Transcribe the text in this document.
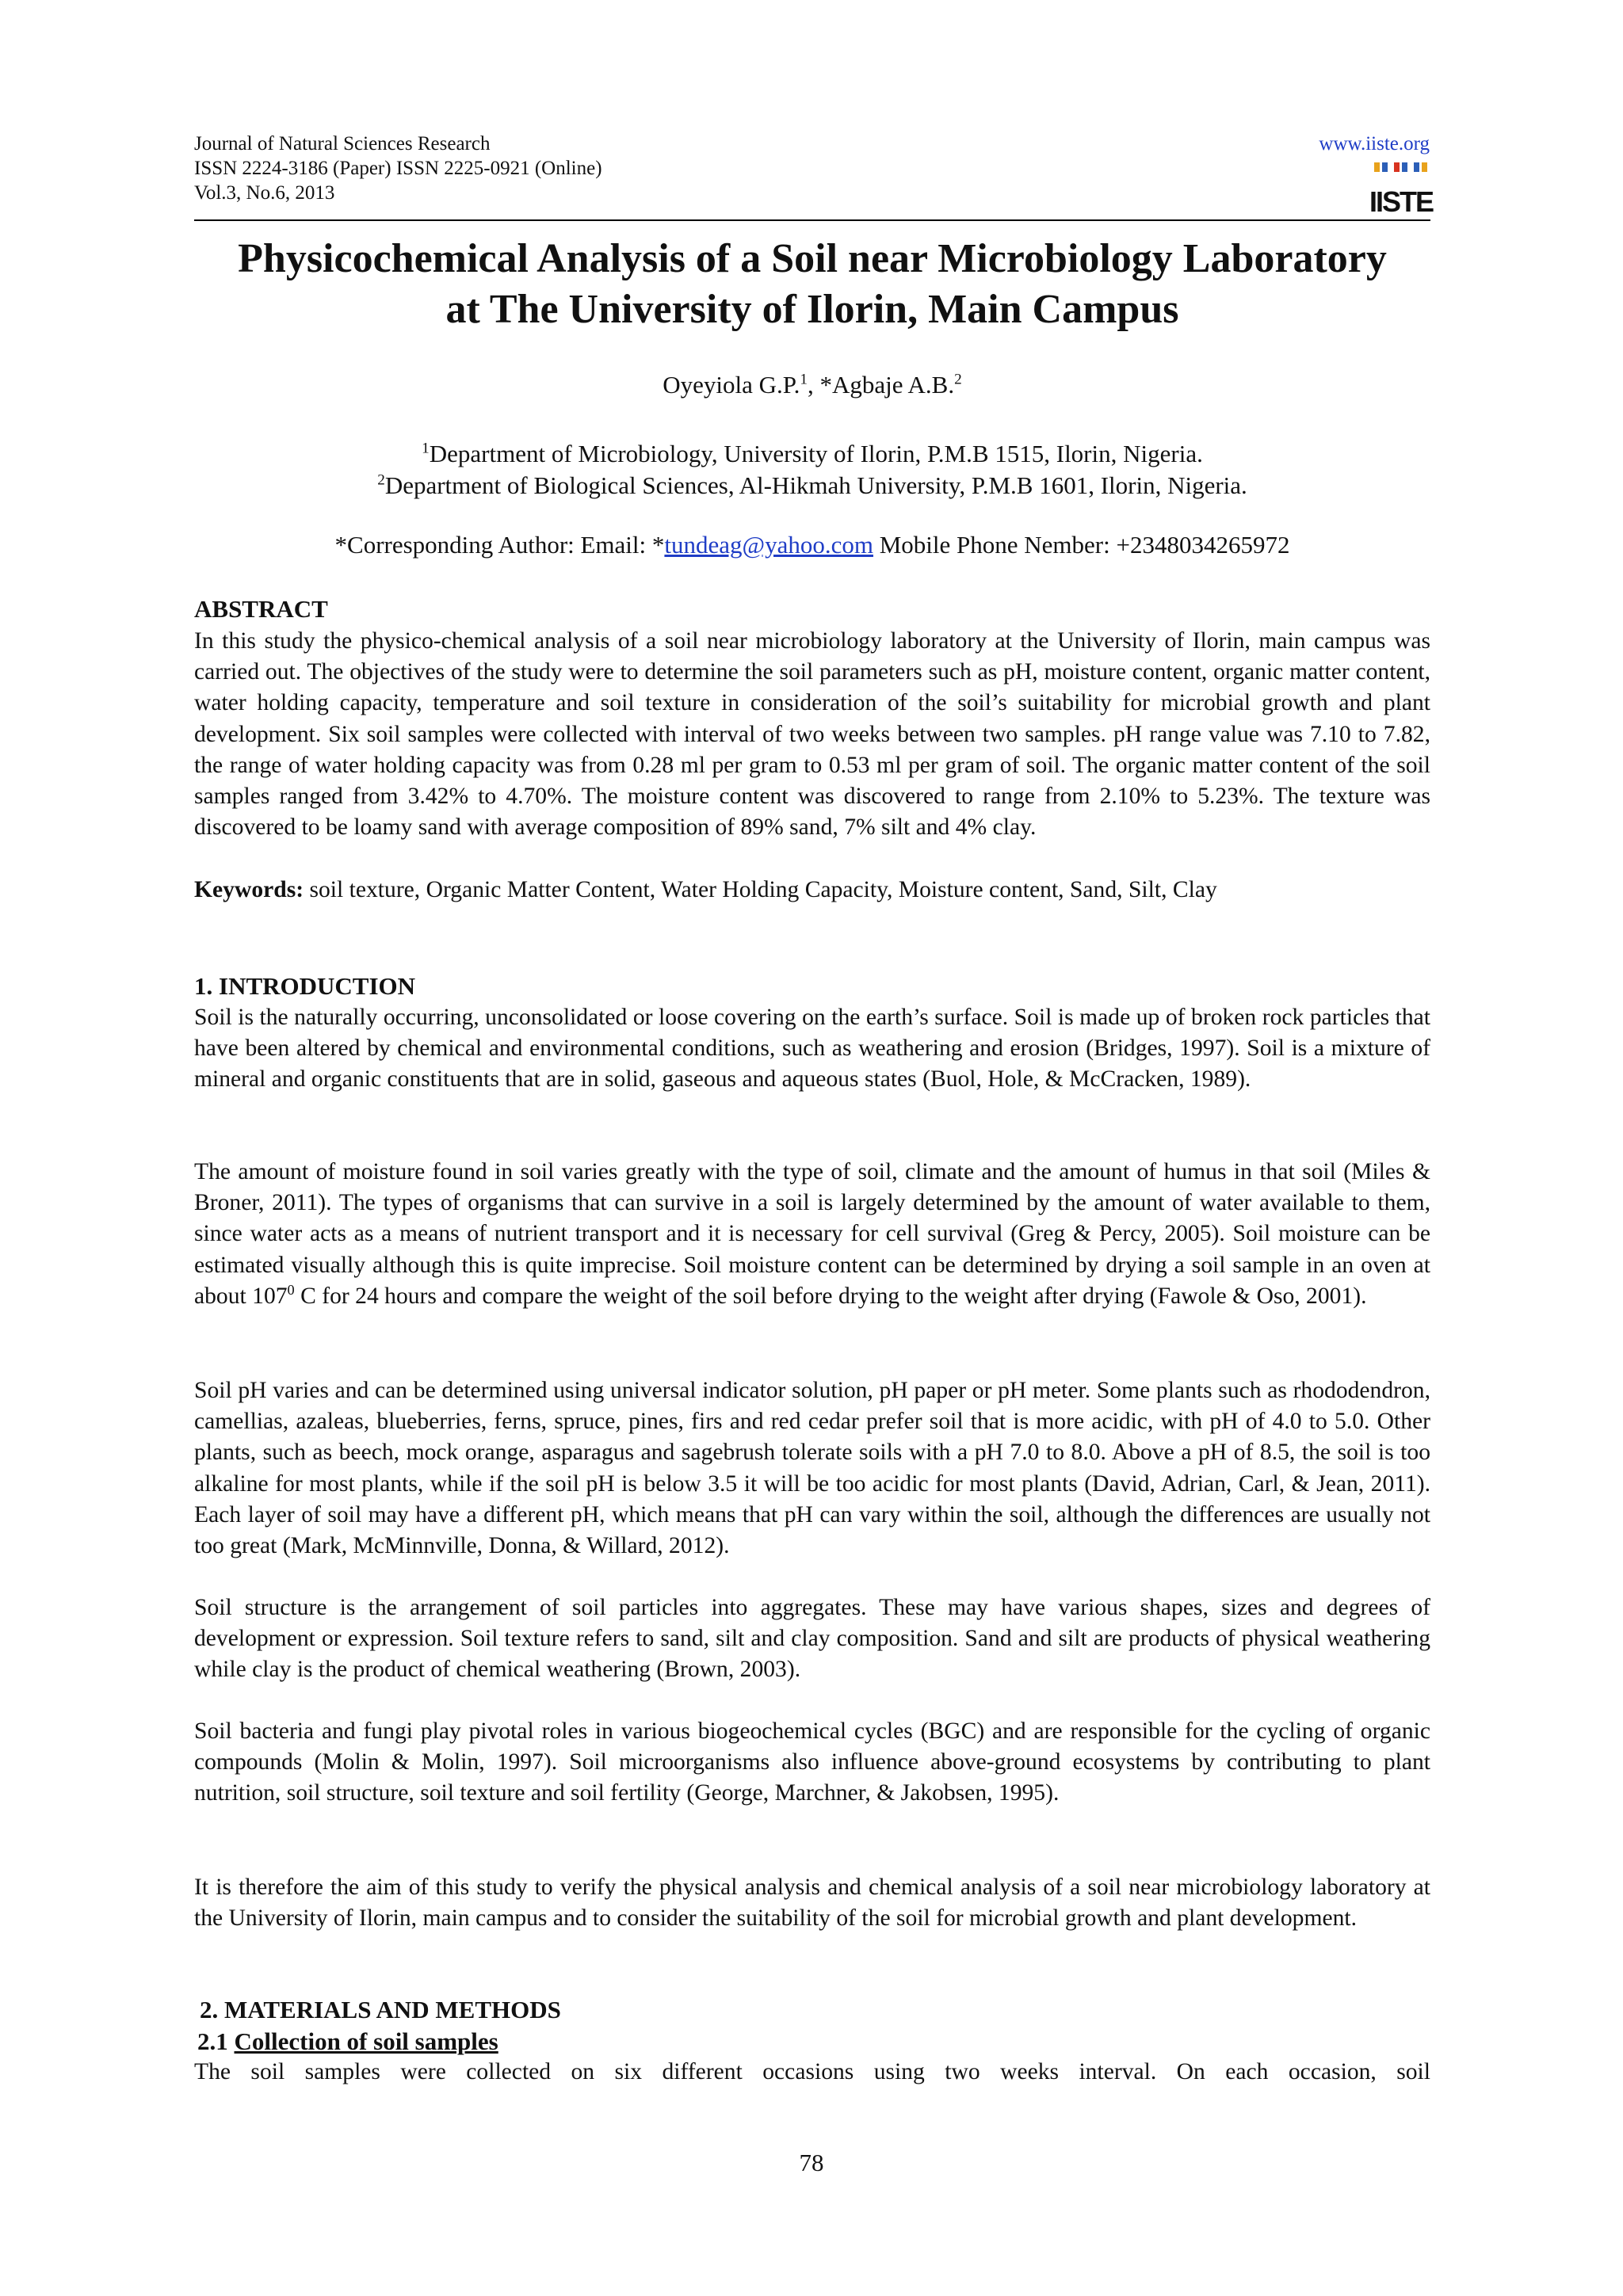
Journal of Natural Sciences Research
ISSN 2224-3186 (Paper) ISSN 2225-0921 (Online)
Vol.3, No.6, 2013
www.iiste.org
IISTE
Physicochemical Analysis of a Soil near Microbiology Laboratory
at The University of Ilorin, Main Campus
Oyeyiola G.P.$^1$, *Agbaje A.B.$^2$
$^1$Department of Microbiology, University of Ilorin, P.M.B 1515, Ilorin, Nigeria.
$^2$Department of Biological Sciences, Al-Hikmah University, P.M.B 1601, Ilorin, Nigeria.
*Corresponding Author: Email: *tundeag@yahoo.com Mobile Phone Nember: +2348034265972
ABSTRACT
In this study the physico-chemical analysis of a soil near microbiology laboratory at the University of Ilorin, main campus was carried out. The objectives of the study were to determine the soil parameters such as pH, moisture content, organic matter content, water holding capacity, temperature and soil texture in consideration of the soil’s suitability for microbial growth and plant development. Six soil samples were collected with interval of two weeks between two samples. pH range value was 7.10 to 7.82, the range of water holding capacity was from 0.28 ml per gram to 0.53 ml per gram of soil. The organic matter content of the soil samples ranged from 3.42% to 4.70%. The moisture content was discovered to range from 2.10% to 5.23%. The texture was discovered to be loamy sand with average composition of 89% sand, 7% silt and 4% clay.
Keywords: soil texture, Organic Matter Content, Water Holding Capacity, Moisture content, Sand, Silt, Clay
1. INTRODUCTION
Soil is the naturally occurring, unconsolidated or loose covering on the earth’s surface. Soil is made up of broken rock particles that have been altered by chemical and environmental conditions, such as weathering and erosion (Bridges, 1997). Soil is a mixture of mineral and organic constituents that are in solid, gaseous and aqueous states (Buol, Hole, & McCracken, 1989).
The amount of moisture found in soil varies greatly with the type of soil, climate and the amount of humus in that soil (Miles & Broner, 2011). The types of organisms that can survive in a soil is largely determined by the amount of water available to them, since water acts as a means of nutrient transport and it is necessary for cell survival (Greg & Percy, 2005). Soil moisture can be estimated visually although this is quite imprecise. Soil moisture content can be determined by drying a soil sample in an oven at about $107^0$ C for 24 hours and compare the weight of the soil before drying to the weight after drying (Fawole & Oso, 2001).
Soil pH varies and can be determined using universal indicator solution, pH paper or pH meter. Some plants such as rhododendron, camellias, azaleas, blueberries, ferns, spruce, pines, firs and red cedar prefer soil that is more acidic, with pH of 4.0 to 5.0. Other plants, such as beech, mock orange, asparagus and sagebrush tolerate soils with a pH 7.0 to 8.0. Above a pH of 8.5, the soil is too alkaline for most plants, while if the soil pH is below 3.5 it will be too acidic for most plants (David, Adrian, Carl, & Jean, 2011). Each layer of soil may have a different pH, which means that pH can vary within the soil, although the differences are usually not too great (Mark, McMinnville, Donna, & Willard, 2012).
Soil structure is the arrangement of soil particles into aggregates. These may have various shapes, sizes and degrees of development or expression. Soil texture refers to sand, silt and clay composition. Sand and silt are products of physical weathering while clay is the product of chemical weathering (Brown, 2003).
Soil bacteria and fungi play pivotal roles in various biogeochemical cycles (BGC) and are responsible for the cycling of organic compounds (Molin & Molin, 1997). Soil microorganisms also influence above-ground ecosystems by contributing to plant nutrition, soil structure, soil texture and soil fertility (George, Marchner, & Jakobsen, 1995).
It is therefore the aim of this study to verify the physical analysis and chemical analysis of a soil near microbiology laboratory at the University of Ilorin, main campus and to consider the suitability of the soil for microbial growth and plant development.
2. MATERIALS AND METHODS
2.1 Collection of soil samples
The soil samples were collected on six different occasions using two weeks interval. On each occasion, soil
78
